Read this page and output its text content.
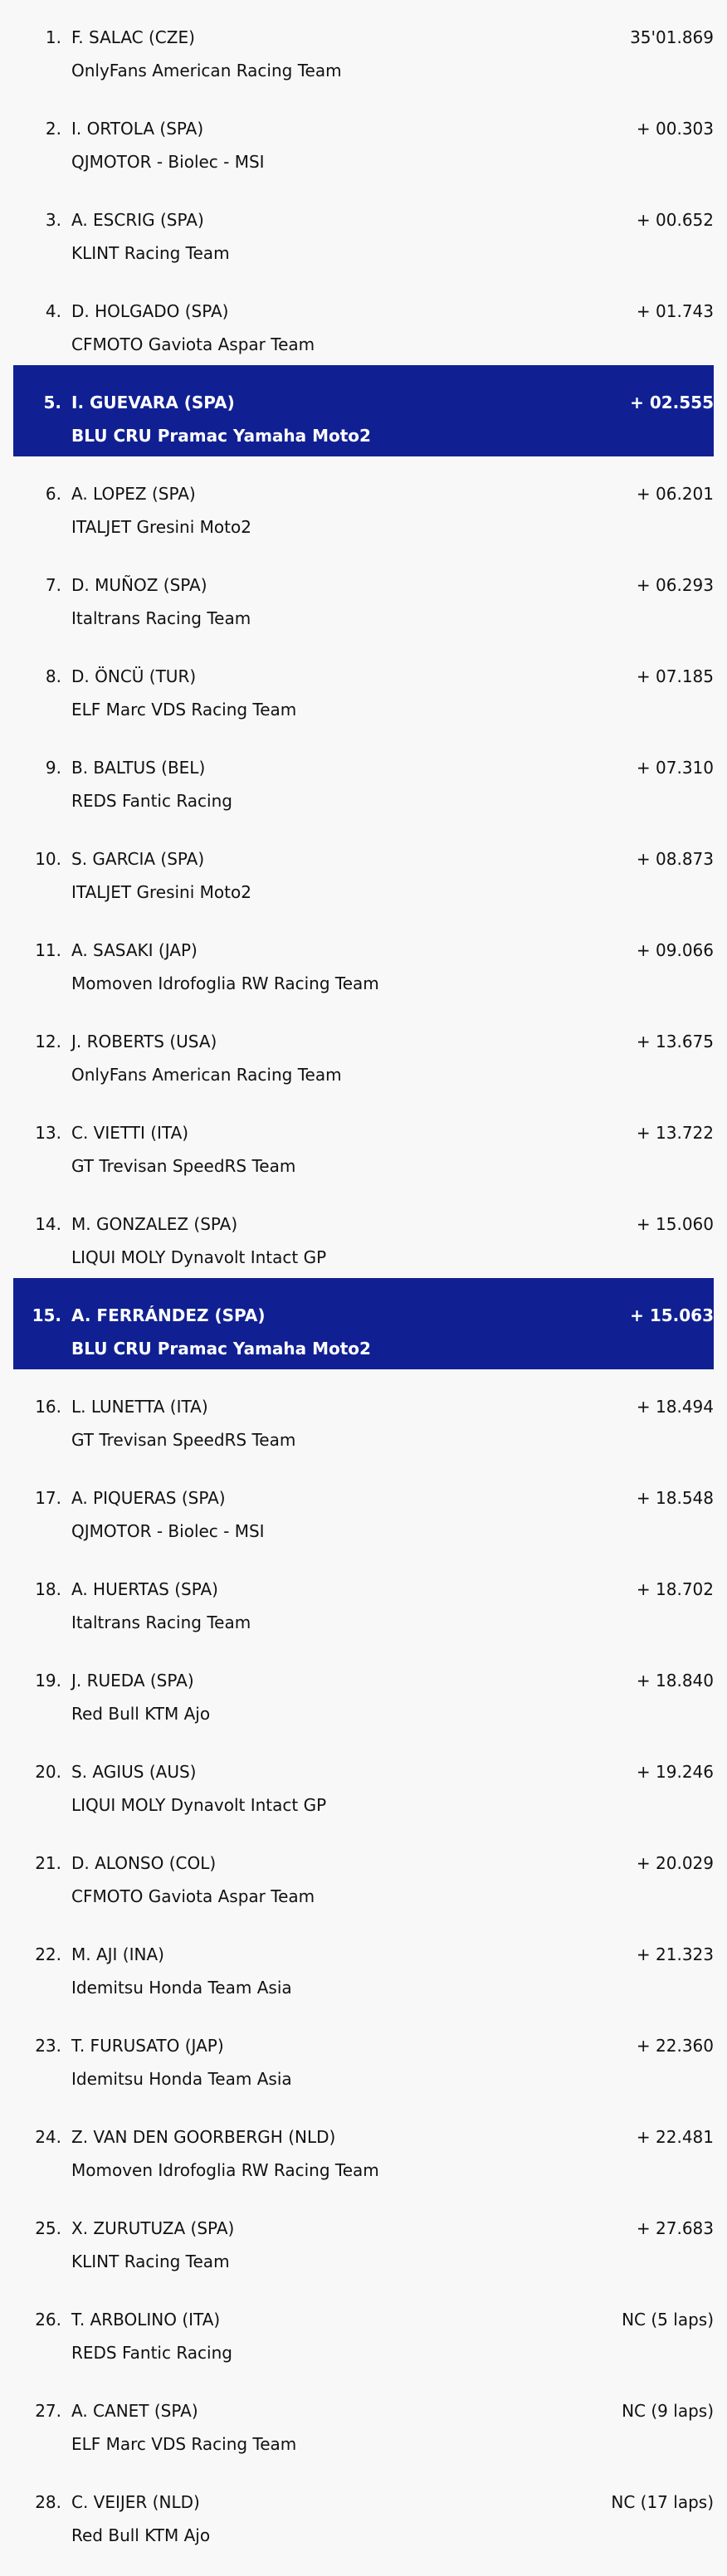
1. F. SALAC (CZE)
OnlyFans American Racing Team
35'01.869
2. I. ORTOLA (SPA)
QJMOTOR - Biolec - MSI
+ 00.303
3. A. ESCRIG (SPA)
KLINT Racing Team
+ 00.652
4. D. HOLGADO (SPA)
CFMOTO Gaviota Aspar Team
+ 01.743
5. I. GUEVARA (SPA)
BLU CRU Pramac Yamaha Moto2
+ 02.555
6. A. LOPEZ (SPA)
ITALJET Gresini Moto2
+ 06.201
7. D. MUÑOZ (SPA)
Italtrans Racing Team
+ 06.293
8. D. ÖNCÜ (TUR)
ELF Marc VDS Racing Team
+ 07.185
9. B. BALTUS (BEL)
REDS Fantic Racing
+ 07.310
10. S. GARCIA (SPA)
ITALJET Gresini Moto2
+ 08.873
11. A. SASAKI (JAP)
Momoven Idrofoglia RW Racing Team
+ 09.066
12. J. ROBERTS (USA)
OnlyFans American Racing Team
+ 13.675
13. C. VIETTI (ITA)
GT Trevisan SpeedRS Team
+ 13.722
14. M. GONZALEZ (SPA)
LIQUI MOLY Dynavolt Intact GP
+ 15.060
15. A. FERRÁNDEZ (SPA)
BLU CRU Pramac Yamaha Moto2
+ 15.063
16. L. LUNETTA (ITA)
GT Trevisan SpeedRS Team
+ 18.494
17. A. PIQUERAS (SPA)
QJMOTOR - Biolec - MSI
+ 18.548
18. A. HUERTAS (SPA)
Italtrans Racing Team
+ 18.702
19. J. RUEDA (SPA)
Red Bull KTM Ajo
+ 18.840
20. S. AGIUS (AUS)
LIQUI MOLY Dynavolt Intact GP
+ 19.246
21. D. ALONSO (COL)
CFMOTO Gaviota Aspar Team
+ 20.029
22. M. AJI (INA)
Idemitsu Honda Team Asia
+ 21.323
23. T. FURUSATO (JAP)
Idemitsu Honda Team Asia
+ 22.360
24. Z. VAN DEN GOORBERGH (NLD)
Momoven Idrofoglia RW Racing Team
+ 22.481
25. X. ZURUTUZA (SPA)
KLINT Racing Team
+ 27.683
26. T. ARBOLINO (ITA)
REDS Fantic Racing
NC (5 laps)
27. A. CANET (SPA)
ELF Marc VDS Racing Team
NC (9 laps)
28. C. VEIJER (NLD)
Red Bull KTM Ajo
NC (17 laps)
